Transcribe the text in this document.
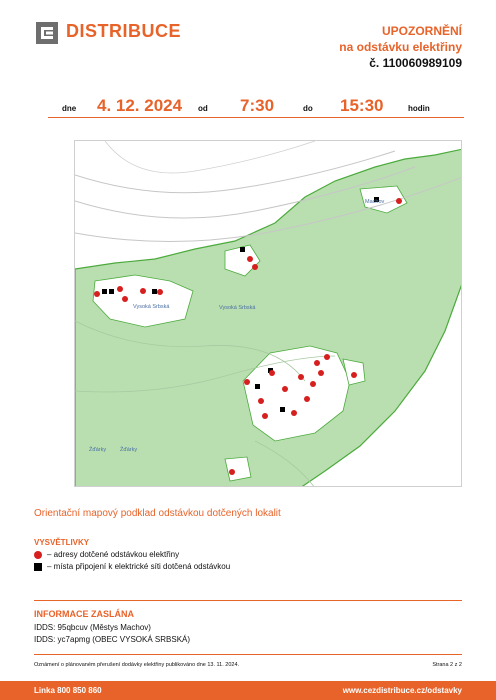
DISTRIBUCE	UPOZORNĚNÍ
na odstávku elektřiny
č. 110060989109
dne 4. 12. 2024 od 7:30	do 15:30	hodin
Machov
Vysoká Srbská	Vysoká Srbská
Žďárky	Žďárky
Orientační mapový podklad odstávkou dotčených lokalit
VYSVĚTLIVKY
– adresy dotčené odstávkou elektřiny
– místa připojení k elektrické síti dotčená odstávkou
INFORMACE ZASLÁNA
IDDS: 95qbcuv (Městys Machov)
IDDS: yc7apmg (OBEC VYSOKÁ SRBSKÁ)
Oznámení o plánovaném přerušení dodávky elektřiny publikováno dne 13. 11. 2024.	Strana 2 z 2
Linka 800 850 860	www.cezdistribuce.cz/odstavky
